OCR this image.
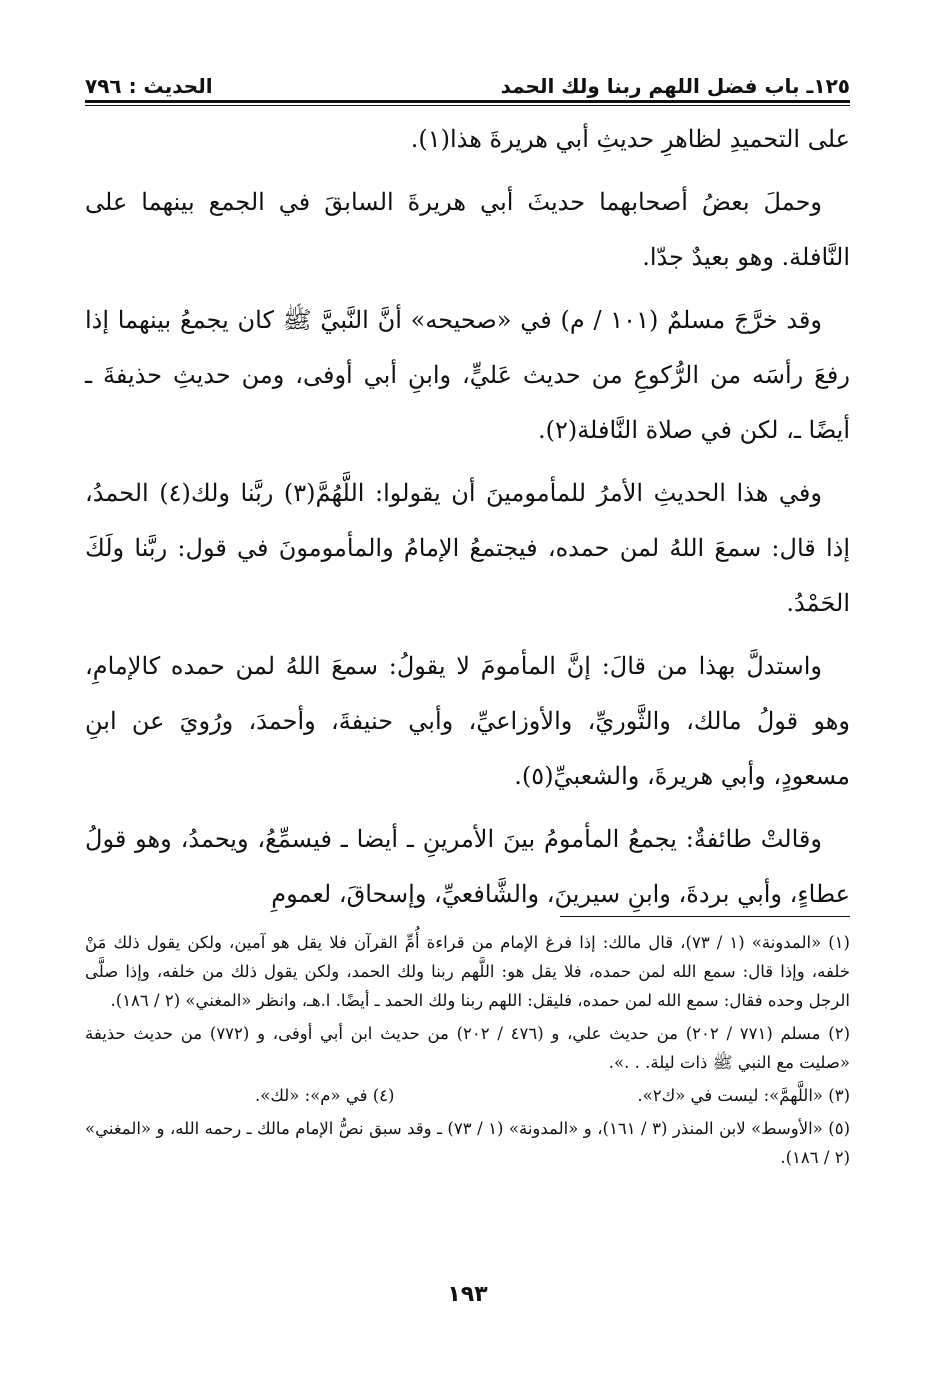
١٢٥ـ باب فضل اللهم ربنا ولك الحمد
الحديث : ٧٩٦

على التحميدِ لظاهرِ حديثِ أبي هريرةَ هذا(١).

وحملَ بعضُ أصحابهما حديثَ أبي هريرةَ السابقَ في الجمع بينهما على النَّافلة. وهو بعيدٌ جدّا.

وقد خرَّجَ مسلمٌ (١٠١ / م) في «صحيحه» أنَّ النَّبيَّ ﷺ كان يجمعُ بينهما إذا رفعَ رأسَه من الرُّكوعِ من حديث عَليٍّ، وابنِ أبي أوفى، ومن حديثِ حذيفةَ ـ أيضًا ـ، لكن في صلاة النَّافلة(٢).

وفي هذا الحديثِ الأمرُ للمأمومينَ أن يقولوا: اللَّهُمَّ(٣) ربَّنا ولك(٤) الحمدُ، إذا قال: سمعَ اللهُ لمن حمده، فيجتمعُ الإمامُ والمأمومونَ في قول: ربَّنا ولَكَ الحَمْدُ.

واستدلَّ بهذا من قالَ: إنَّ المأمومَ لا يقولُ: سمعَ اللهُ لمن حمده كالإمامِ، وهو قولُ مالك، والثَّوريِّ، والأوزاعيِّ، وأبي حنيفةَ، وأحمدَ، ورُويَ عن ابنِ مسعودٍ، وأبي هريرةَ، والشعبيِّ(٥).

وقالتْ طائفةٌ: يجمعُ المأمومُ بينَ الأمرينِ ـ أيضا ـ فيسمِّعُ، ويحمدُ، وهو قولُ عطاءٍ، وأبي بردةَ، وابنِ سيرينَ، والشَّافعيِّ، وإسحاقَ، لعمومِ

(١) «المدونة» (١ / ٧٣)، قال مالك: إذا فرغ الإمام من قراءة أُمِّ القرآن فلا يقل هو آمين، ولكن يقول ذلك مَنْ خلفه، وإذا قال: سمع الله لمن حمده، فلا يقل هو: اللَّهم ربنا ولك الحمد، ولكن يقول ذلك من خلفه، وإذا صلَّى الرجل وحده فقال: سمع الله لمن حمده، فليقل: اللهم ربنا ولك الحمد ـ أيضًا. ا.هـ، وانظر «المغني» (٢ / ١٨٦).

(٢) مسلم (٧٧١ / ٢٠٢) من حديث علي، و (٤٧٦ / ٢٠٢) من حديث ابن أبي أوفى، و (٧٧٢) من حديث حذيفة «صليت مع النبي ﷺ ذات ليلة. . .».

(٣) «اللَّهمَّ»: ليست في «ك٢».
(٤) في «م»: «لك».

(٥) «الأوسط» لابن المنذر (٣ / ١٦١)، و «المدونة» (١ / ٧٣) ـ وقد سبق نصُّ الإمام مالك ـ رحمه الله، و «المغني» (٢ / ١٨٦).

١٩٣
